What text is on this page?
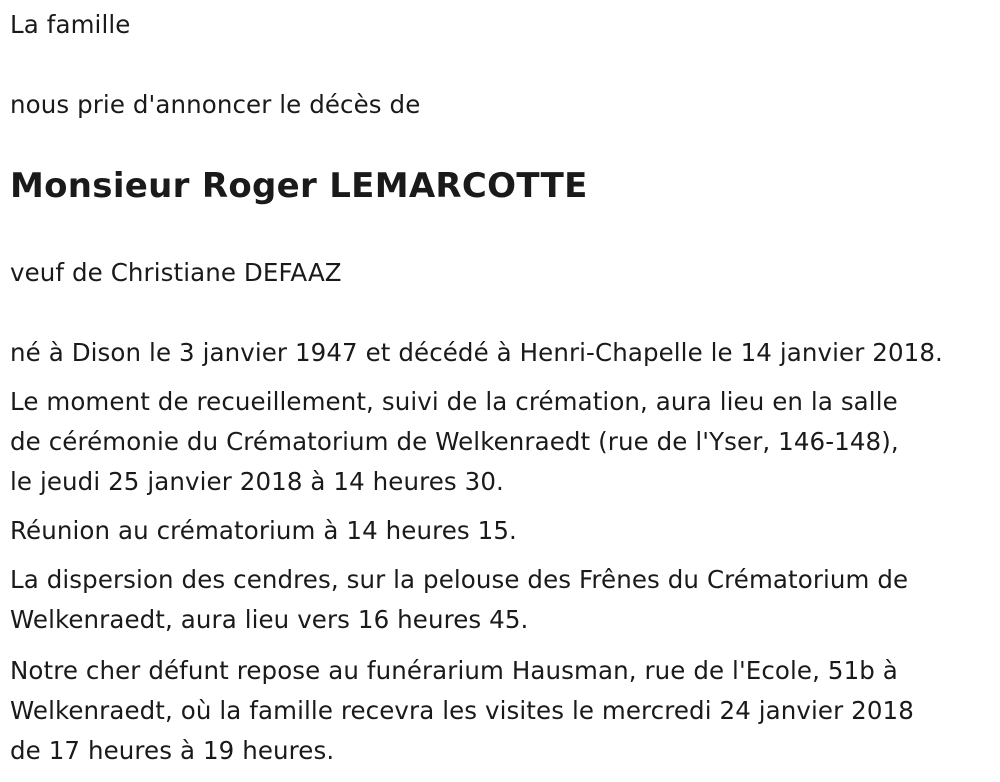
La famille
nous prie d'annoncer le décès de
Monsieur Roger LEMARCOTTE
veuf de Christiane DEFAAZ
né à Dison le 3 janvier 1947 et décédé à Henri-Chapelle le 14 janvier 2018.
Le moment de recueillement, suivi de la crémation, aura lieu en la salle
de cérémonie du Crématorium de Welkenraedt (rue de l'Yser, 146-148),
le jeudi 25 janvier 2018 à 14 heures 30.
Réunion au crématorium à 14 heures 15.
La dispersion des cendres, sur la pelouse des Frênes du Crématorium de
Welkenraedt, aura lieu vers 16 heures 45.
Notre cher défunt repose au funérarium Hausman, rue de l'Ecole, 51b à
Welkenraedt, où la famille recevra les visites le mercredi 24 janvier 2018
de 17 heures à 19 heures.
